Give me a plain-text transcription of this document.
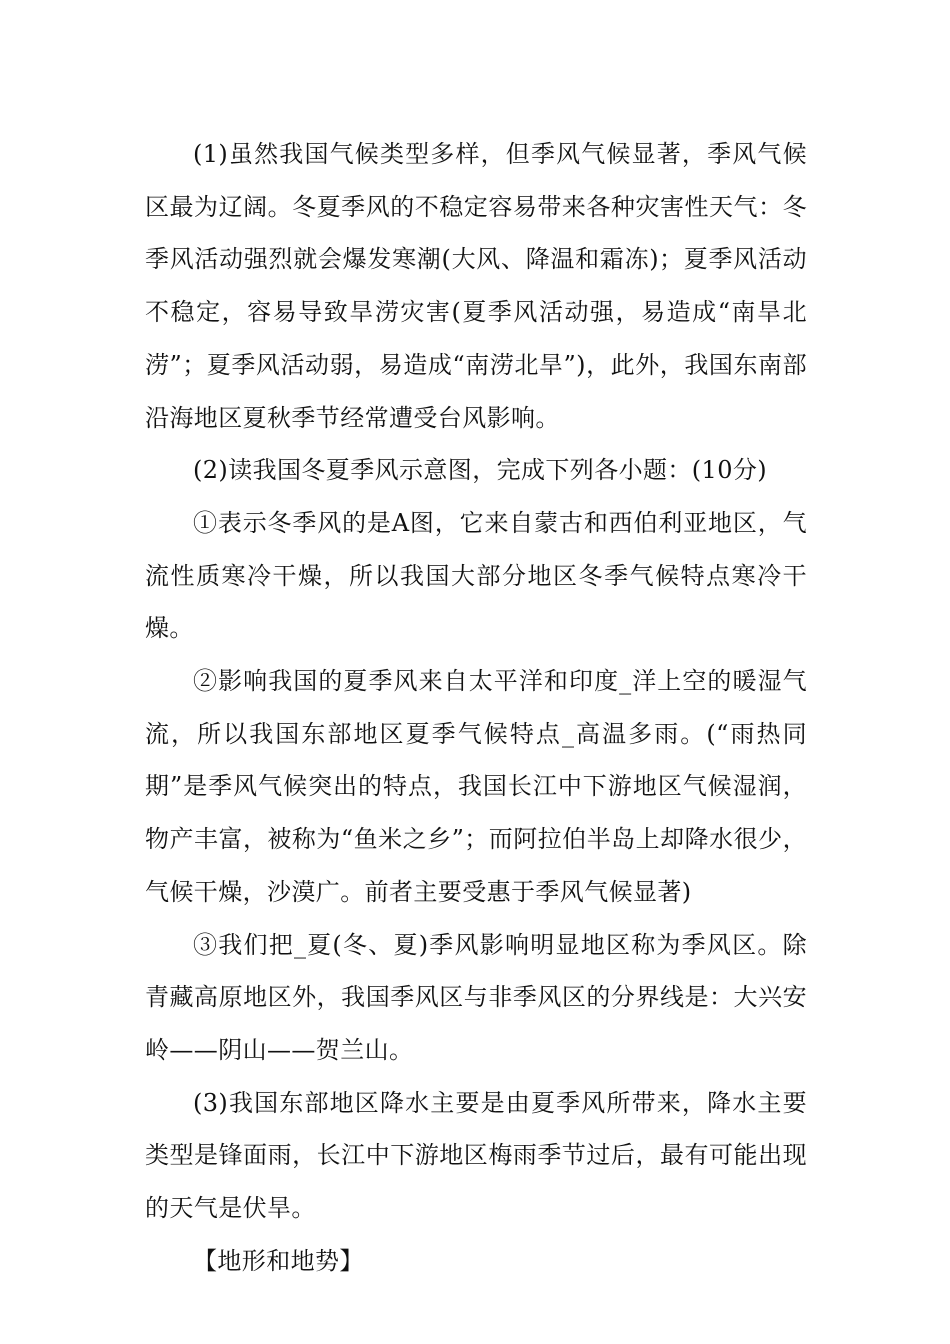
(1)虽然我国气候类型多样，但季风气候显著，季风气候区最为辽阔。冬夏季风的不稳定容易带来各种灾害性天气：冬季风活动强烈就会爆发寒潮(大风、降温和霜冻)；夏季风活动不稳定，容易导致旱涝灾害(夏季风活动强，易造成“南旱北涝”；夏季风活动弱，易造成“南涝北旱”)，此外，我国东南部沿海地区夏秋季节经常遭受台风影响。

(2)读我国冬夏季风示意图，完成下列各小题：(10分)

①表示冬季风的是A图，它来自蒙古和西伯利亚地区，气流性质寒冷干燥，所以我国大部分地区冬季气候特点寒冷干燥。

②影响我国的夏季风来自太平洋和印度_洋上空的暖湿气流，所以我国东部地区夏季气候特点_高温多雨。(“雨热同期”是季风气候突出的特点，我国长江中下游地区气候湿润，物产丰富，被称为“鱼米之乡”；而阿拉伯半岛上却降水很少，气候干燥，沙漠广。前者主要受惠于季风气候显著)

③我们把_夏(冬、夏)季风影响明显地区称为季风区。除青藏高原地区外，我国季风区与非季风区的分界线是：大兴安岭——阴山——贺兰山。

(3)我国东部地区降水主要是由夏季风所带来，降水主要类型是锋面雨，长江中下游地区梅雨季节过后，最有可能出现的天气是伏旱。

【地形和地势】
